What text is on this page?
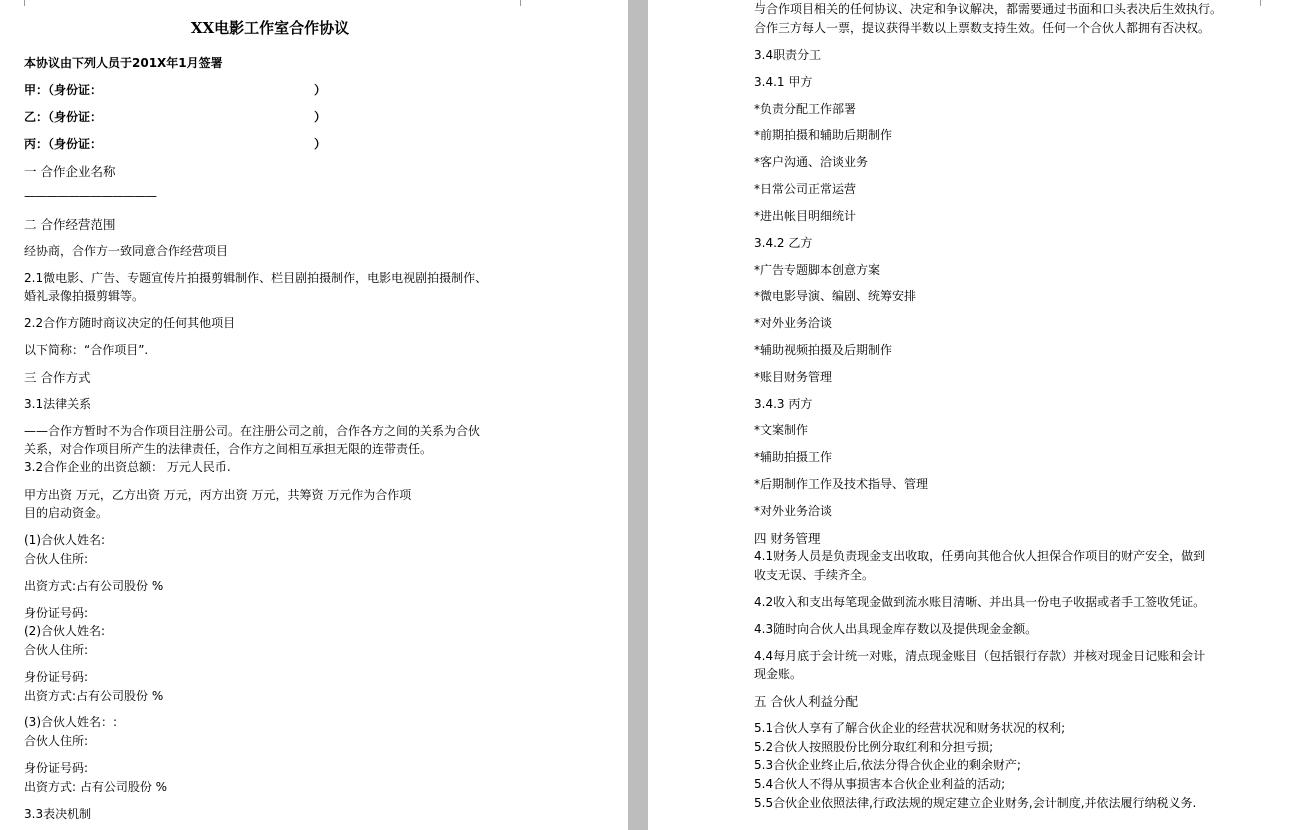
XX电影工作室合作协议
本协议由下列人员于201X年1月签署
甲：（身份证：	）
乙：（身份证：	）
丙：（身份证：	）
一 合作企业名称
————————————
二 合作经营范围
经协商，合作方一致同意合作经营项目
2.1微电影、广告、专题宣传片拍摄剪辑制作、栏目剧拍摄制作，电影电视剧拍摄制作、
婚礼录像拍摄剪辑等。
2.2合作方随时商议决定的任何其他项目
以下简称：“合作项目”.
三 合作方式
3.1法律关系
——合作方暂时不为合作项目注册公司。在注册公司之前，合作各方之间的关系为合伙
关系，对合作项目所产生的法律责任，合作方之间相互承担无限的连带责任。
3.2合作企业的出资总额： 万元人民币.
甲方出资 万元，乙方出资 万元，丙方出资 万元，共筹资 万元作为合作项
目的启动资金。
(1)合伙人姓名:
合伙人住所:
出资方式:占有公司股份 %
身份证号码:
(2)合伙人姓名:
合伙人住所:
身份证号码:
出资方式:占有公司股份 %
(3)合伙人姓名：:
合伙人住所:
身份证号码:
出资方式: 占有公司股份 %
3.3表决机制
与合作项目相关的任何协议、决定和争议解决，都需要通过书面和口头表决后生效执行。
合作三方每人一票，提议获得半数以上票数支持生效。任何一个合伙人都拥有否决权。
3.4职责分工
3.4.1 甲方
*负责分配工作部署
*前期拍摄和辅助后期制作
*客户沟通、洽谈业务
*日常公司正常运营
*进出帐目明细统计
3.4.2 乙方
*广告专题脚本创意方案
*微电影导演、编剧、统筹安排
*对外业务洽谈
*辅助视频拍摄及后期制作
*账目财务管理
3.4.3 丙方
*文案制作
*辅助拍摄工作
*后期制作工作及技术指导、管理
*对外业务洽谈
四 财务管理
4.1财务人员是负责现金支出收取，任勇向其他合伙人担保合作项目的财产安全，做到
收支无误、手续齐全。
4.2收入和支出每笔现金做到流水账目清晰、并出具一份电子收据或者手工签收凭证。
4.3随时向合伙人出具现金库存数以及提供现金金额。
4.4每月底于会计统一对账，清点现金账目（包括银行存款）并核对现金日记账和会计
现金账。
五 合伙人利益分配
5.1合伙人享有了解合伙企业的经营状况和财务状况的权利;
5.2合伙人按照股份比例分取红利和分担亏损;
5.3合伙企业终止后,依法分得合伙企业的剩余财产;
5.4合伙人不得从事损害本合伙企业利益的活动;
5.5合伙企业依照法律,行政法规的规定建立企业财务,会计制度,并依法履行纳税义务.
